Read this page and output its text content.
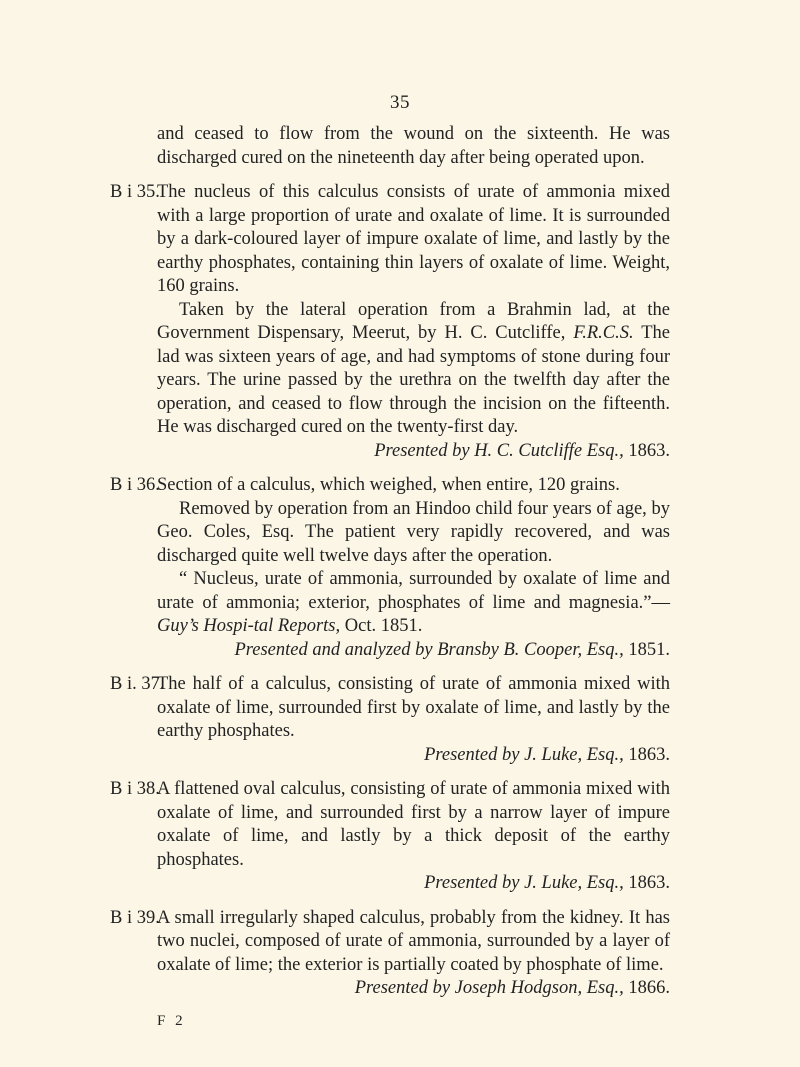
35

and ceased to flow from the wound on the sixteenth. He was discharged cured on the nineteenth day after being operated upon.

B i 35.

The nucleus of this calculus consists of urate of ammonia mixed with a large proportion of urate and oxalate of lime. It is surrounded by a dark-coloured layer of impure oxalate of lime, and lastly by the earthy phosphates, containing thin layers of oxalate of lime. Weight, 160 grains.

Taken by the lateral operation from a Brahmin lad, at the Government Dispensary, Meerut, by H. C. Cutcliffe, F.R.C.S. The lad was sixteen years of age, and had symptoms of stone during four years. The urine passed by the urethra on the twelfth day after the operation, and ceased to flow through the incision on the fifteenth. He was discharged cured on the twenty-first day.

Presented by H. C. Cutcliffe Esq., 1863.

B i 36.

Section of a calculus, which weighed, when entire, 120 grains.

Removed by operation from an Hindoo child four years of age, by Geo. Coles, Esq. The patient very rapidly recovered, and was discharged quite well twelve days after the operation.

“ Nucleus, urate of ammonia, surrounded by oxalate of lime and urate of ammonia; exterior, phosphates of lime and magnesia.”—Guy’s Hospi-tal Reports, Oct. 1851.

Presented and analyzed by Bransby B. Cooper, Esq., 1851.

B i. 37.

The half of a calculus, consisting of urate of ammonia mixed with oxalate of lime, surrounded first by oxalate of lime, and lastly by the earthy phosphates.

Presented by J. Luke, Esq., 1863.

B i 38.

A flattened oval calculus, consisting of urate of ammonia mixed with oxalate of lime, and surrounded first by a narrow layer of impure oxalate of lime, and lastly by a thick deposit of the earthy phosphates.

Presented by J. Luke, Esq., 1863.

B i 39.

A small irregularly shaped calculus, probably from the kidney. It has two nuclei, composed of urate of ammonia, surrounded by a layer of oxalate of lime; the exterior is partially coated by phosphate of lime.

Presented by Joseph Hodgson, Esq., 1866.

F 2
